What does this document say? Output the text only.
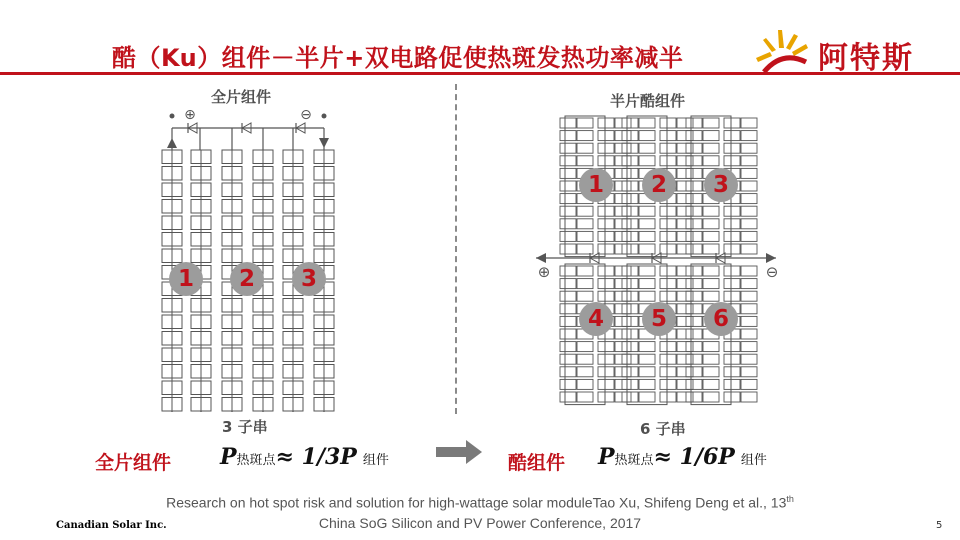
酷（Ku）组件－半片+双电路促使热斑发热功率减半	阿特斯
全片组件
⊕	⊖
1	2	3
3 子串
半片酷组件
⊕	⊖
1	2	3
4	5	6
6 子串
全片组件 P热斑点≈ 1/3P 组件	酷组件 P热斑点≈ 1/6P 组件
Research on hot spot risk and solution for high-wattage solar moduleTao Xu, Shifeng Deng et al., 13th
China SoG Silicon and PV Power Conference, 2017
Canadian Solar Inc.	5
